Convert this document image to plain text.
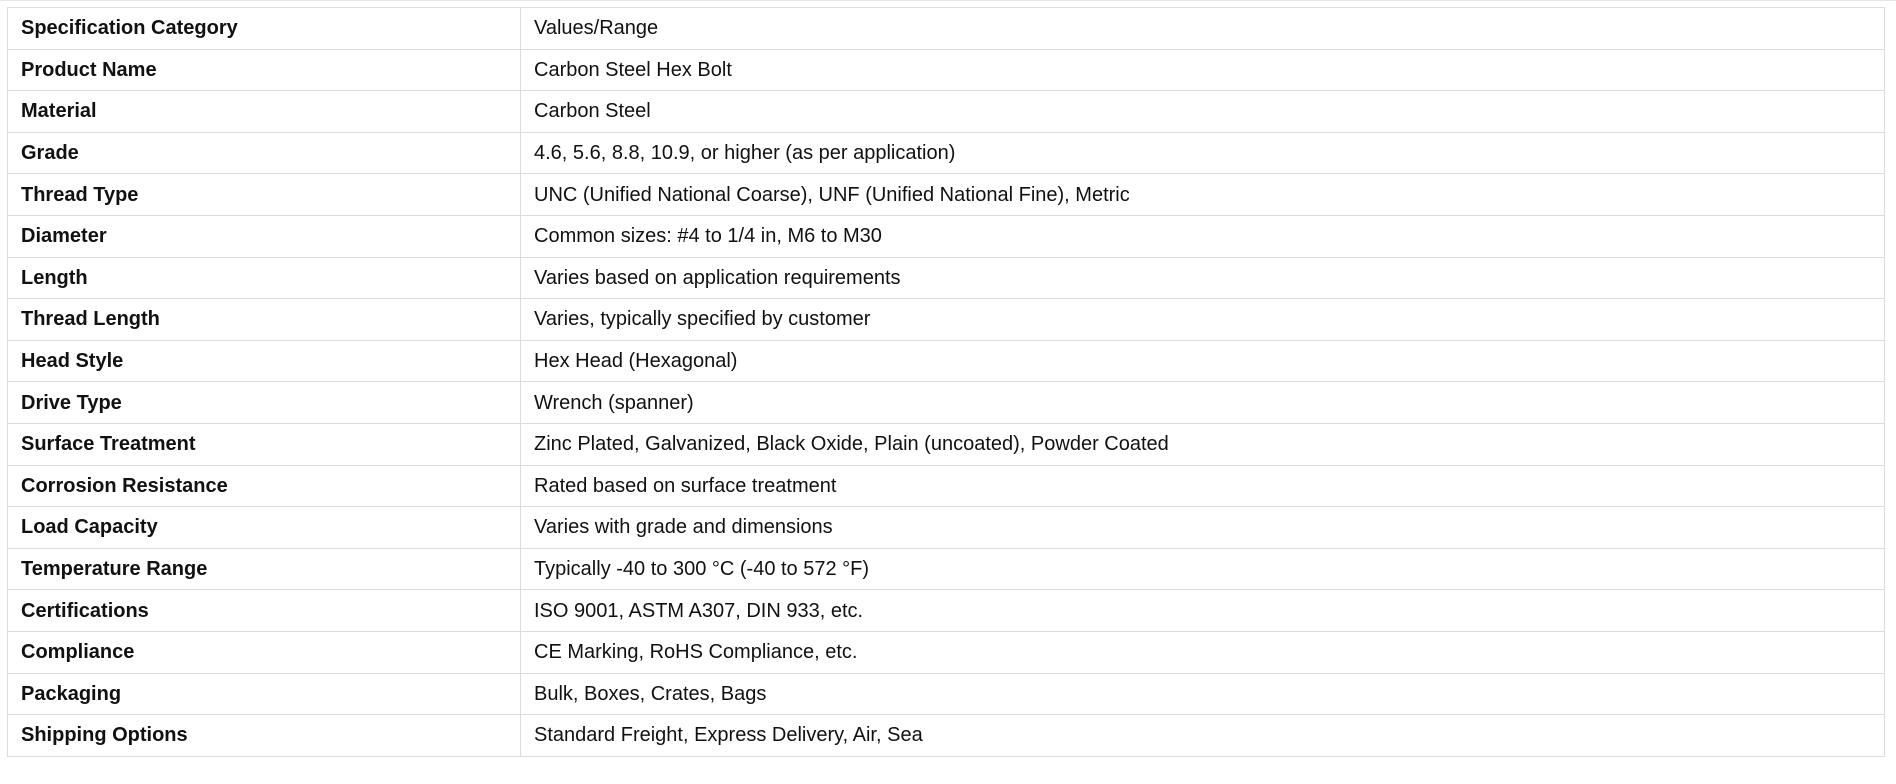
Specification Category	Values/Range
Product Name	Carbon Steel Hex Bolt
Material	Carbon Steel
Grade	4.6, 5.6, 8.8, 10.9, or higher (as per application)
Thread Type	UNC (Unified National Coarse), UNF (Unified National Fine), Metric
Diameter	Common sizes: #4 to 1/4 in, M6 to M30
Length	Varies based on application requirements
Thread Length	Varies, typically specified by customer
Head Style	Hex Head (Hexagonal)
Drive Type	Wrench (spanner)
Surface Treatment	Zinc Plated, Galvanized, Black Oxide, Plain (uncoated), Powder Coated
Corrosion Resistance	Rated based on surface treatment
Load Capacity	Varies with grade and dimensions
Temperature Range	Typically -40 to 300 °C (-40 to 572 °F)
Certifications	ISO 9001, ASTM A307, DIN 933, etc.
Compliance	CE Marking, RoHS Compliance, etc.
Packaging	Bulk, Boxes, Crates, Bags
Shipping Options	Standard Freight, Express Delivery, Air, Sea
